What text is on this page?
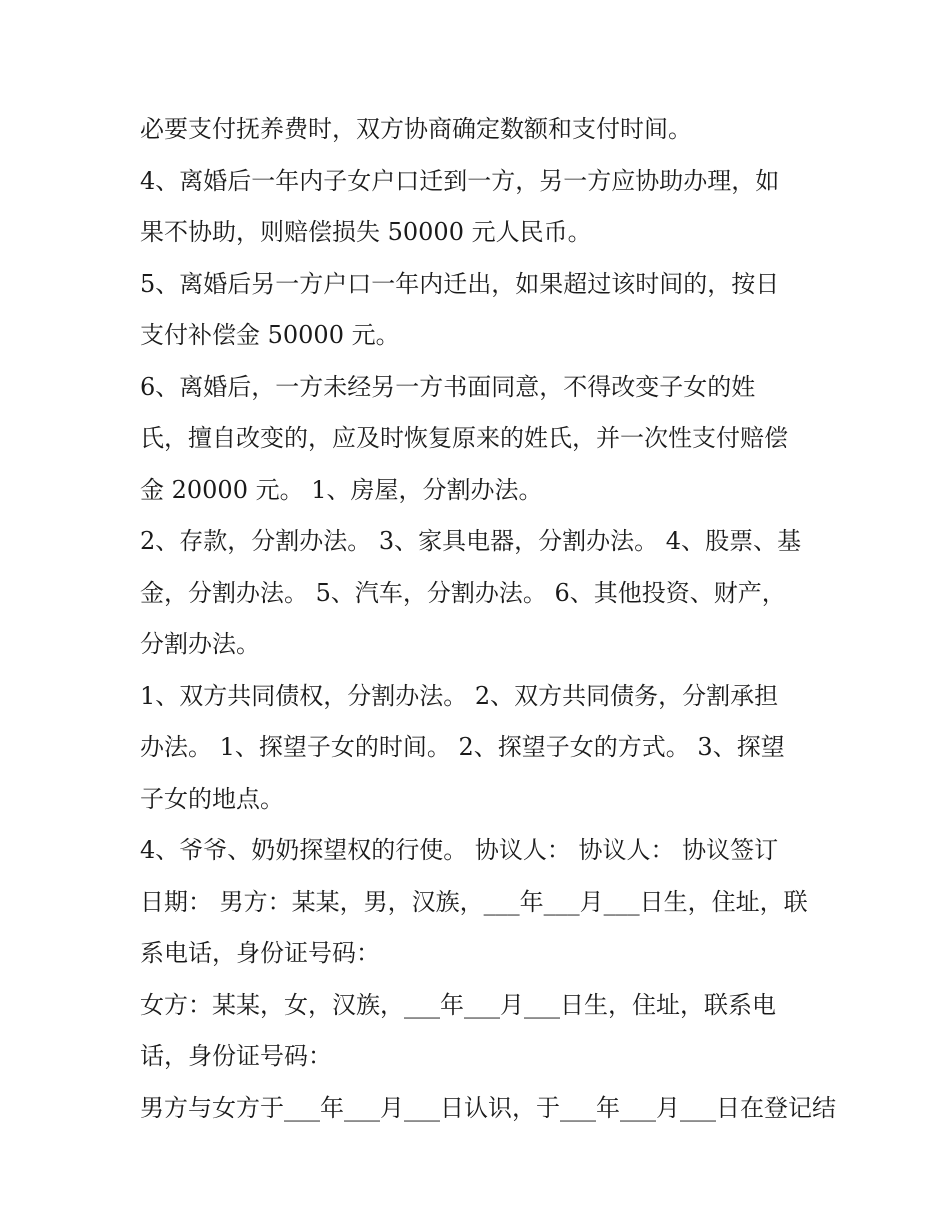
必要支付抚养费时，双方协商确定数额和支付时间。
4、离婚后一年内子女户口迁到一方，另一方应协助办理，如
果不协助，则赔偿损失 50000 元人民币。
5、离婚后另一方户口一年内迁出，如果超过该时间的，按日
支付补偿金 50000 元。
6、离婚后，一方未经另一方书面同意，不得改变子女的姓
氏，擅自改变的，应及时恢复原来的姓氏，并一次性支付赔偿
金 20000 元。 1、房屋，分割办法。
2、存款，分割办法。 3、家具电器，分割办法。 4、股票、基
金，分割办法。 5、汽车，分割办法。 6、其他投资、财产，
分割办法。
1、双方共同债权，分割办法。 2、双方共同债务，分割承担
办法。 1、探望子女的时间。 2、探望子女的方式。 3、探望
子女的地点。
4、爷爷、奶奶探望权的行使。 协议人： 协议人： 协议签订
日期： 男方：某某，男，汉族，___年___月___日生，住址，联
系电话，身份证号码：
女方：某某，女，汉族，___年___月___日生，住址，联系电
话，身份证号码：
男方与女方于___年___月___日认识，于___年___月___日在登记结
